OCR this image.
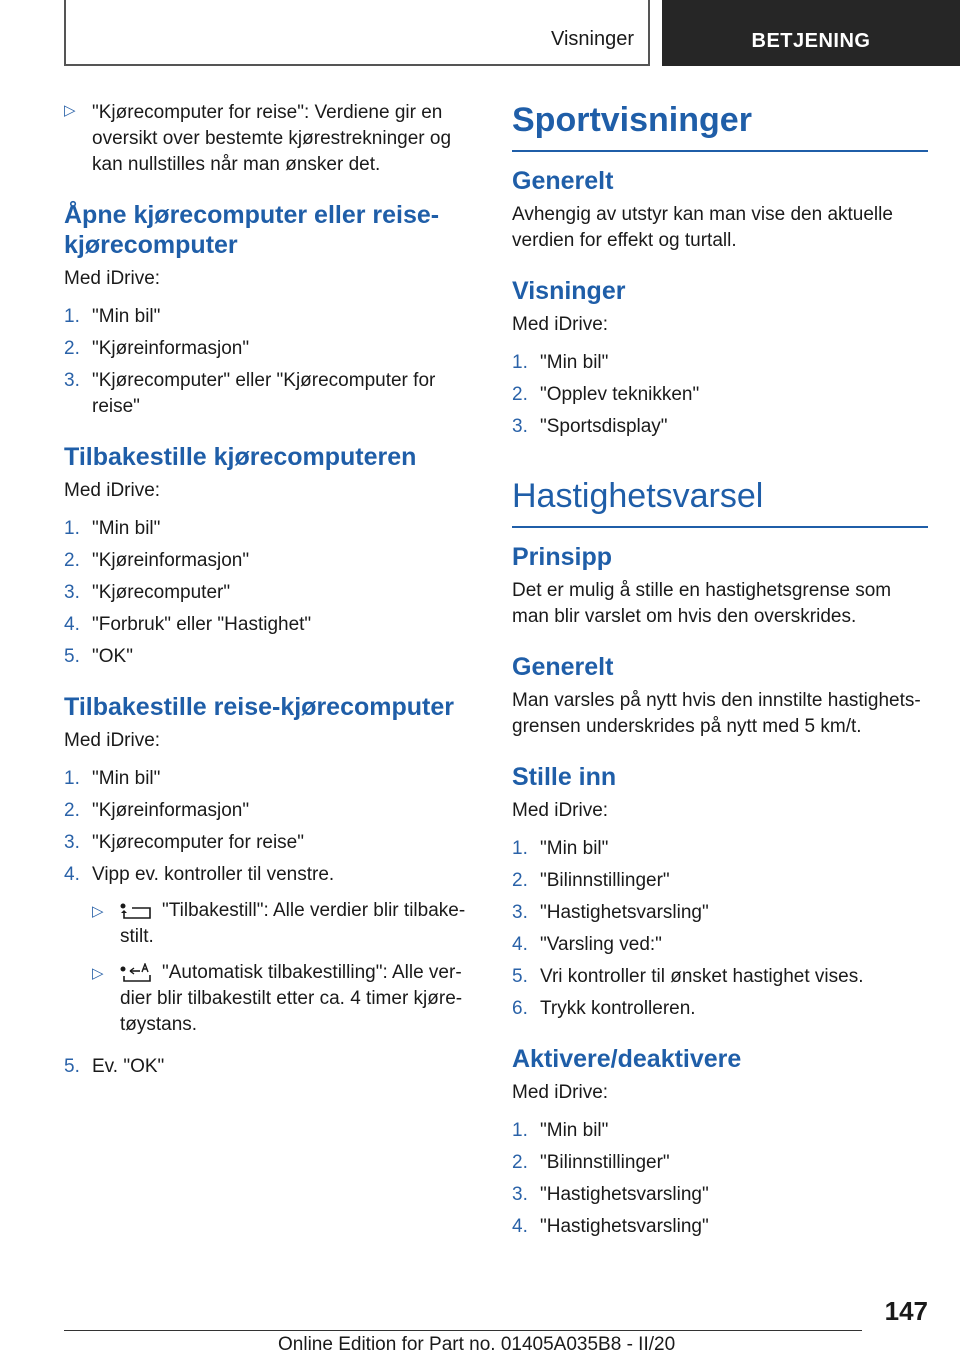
Visninger	BETJENING
▷ "Kjørecomputer for reise": Verdiene gir en oversikt over bestemte kjørestrekninger og kan nullstilles når man ønsker det.

Åpne kjørecomputer eller reise-kjørecomputer

Med iDrive:

1. "Min bil"
2. "Kjøreinformasjon"
3. "Kjørecomputer" eller "Kjørecomputer for reise"
Tilbakestille kjørecomputeren

Med iDrive:

1. "Min bil"
2. "Kjøreinformasjon"
3. "Kjørecomputer"
4. "Forbruk" eller "Hastighet"
5. "OK"
Tilbakestille reise-kjørecomputer

Med iDrive:

1. "Min bil"
2. "Kjøreinformasjon"
3. "Kjørecomputer for reise"
4. Vipp ev. kontroller til venstre.
▷	"Tilbakestill": Alle verdier blir tilbake-stilt.
▷	"Automatisk tilbakestilling": Alle ver-dier blir tilbakestilt etter ca. 4 timer kjøre-tøystans.
5. Ev. "OK"
Sportvisninger
Generelt

Avhengig av utstyr kan man vise den aktuelle verdien for effekt og turtall.

Visninger

Med iDrive:

1. "Min bil"
2. "Opplev teknikken"
3. "Sportsdisplay"
Hastighetsvarsel
Prinsipp

Det er mulig å stille en hastighetsgrense som man blir varslet om hvis den overskrides.

Generelt

Man varsles på nytt hvis den innstilte hastighets-grensen underskrides på nytt med 5 km/t.

Stille inn

Med iDrive:

1. "Min bil"
2. "Bilinnstillinger"
3. "Hastighetsvarsling"
4. "Varsling ved:"
5. Vri kontroller til ønsket hastighet vises.
6. Trykk kontrolleren.
Aktivere/deaktivere

Med iDrive:

1. "Min bil"
2. "Bilinnstillinger"
3. "Hastighetsvarsling"
4. "Hastighetsvarsling"
147
Online Edition for Part no. 01405A035B8 - II/20
